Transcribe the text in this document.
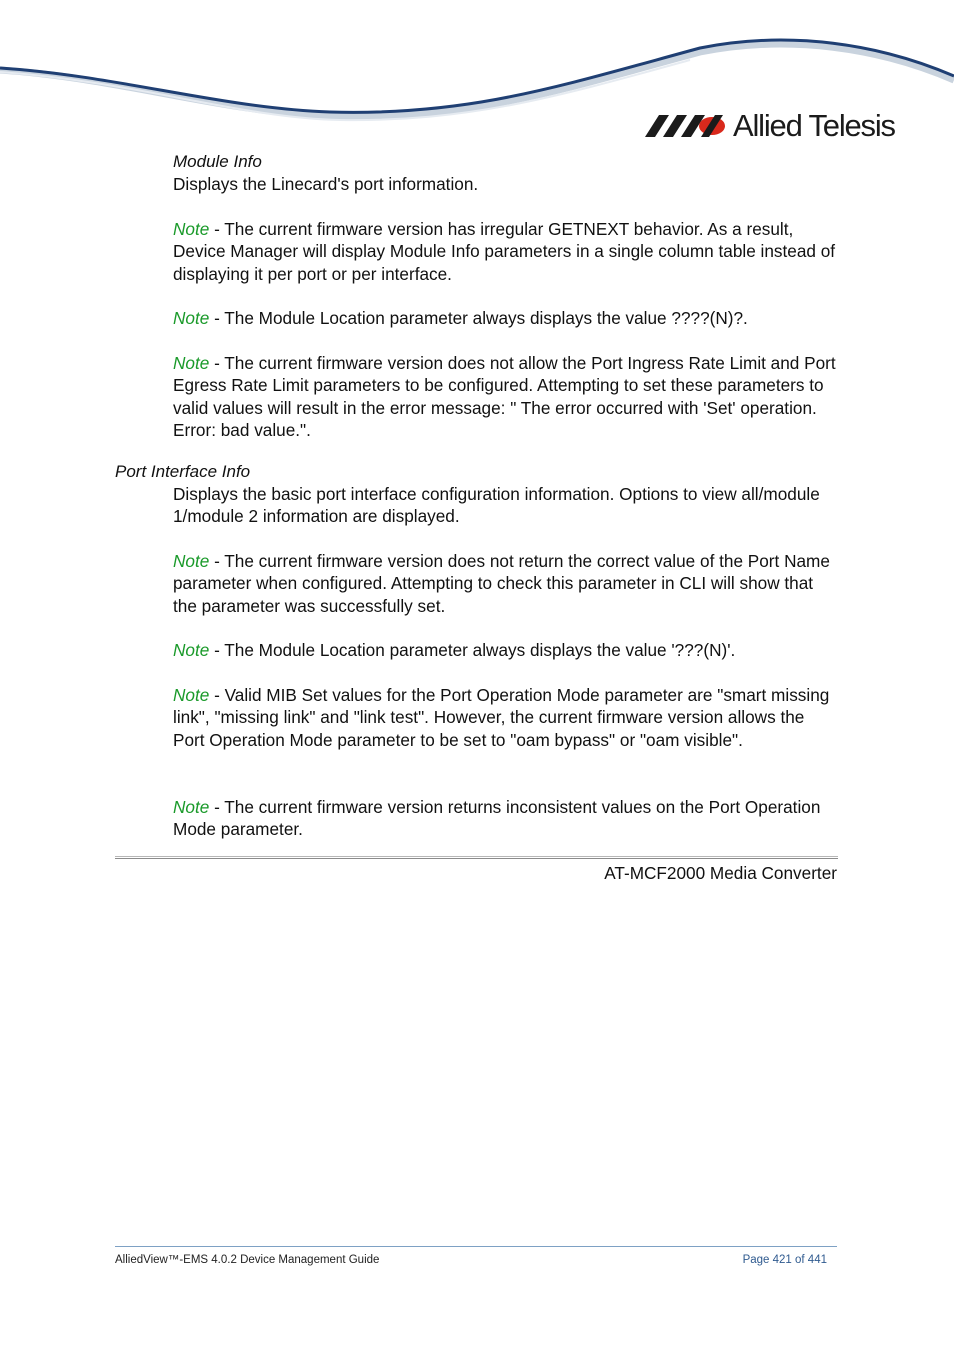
Allied Telesis
Module Info
Displays the Linecard's port information.
Note - The current firmware version has irregular GETNEXT behavior. As a result, Device Manager will display Module Info parameters in a single column table instead of displaying it per port or per interface.
Note - The Module Location parameter always displays the value ????(N)?.
Note - The current firmware version does not allow the Port Ingress Rate Limit and Port Egress Rate Limit parameters to be configured. Attempting to set these parameters to valid values will result in the error message: " The error occurred with 'Set' operation. Error: bad value.".
Port Interface Info
Displays the basic port interface configuration information. Options to view all/module 1/module 2 information are displayed.
Note - The current firmware version does not return the correct value of the Port Name parameter when configured. Attempting to check this parameter in CLI will show that the parameter was successfully set.
Note - The Module Location parameter always displays the value '???(N)'.
Note - Valid MIB Set values for the Port Operation Mode parameter are "smart missing link", "missing link" and "link test". However, the current firmware version allows the Port Operation Mode parameter to be set to "oam bypass" or "oam visible".
Note - The current firmware version returns inconsistent values on the Port Operation Mode parameter.
AT-MCF2000 Media Converter
AlliedView™-EMS 4.0.2 Device Management Guide	Page 421 of 441
